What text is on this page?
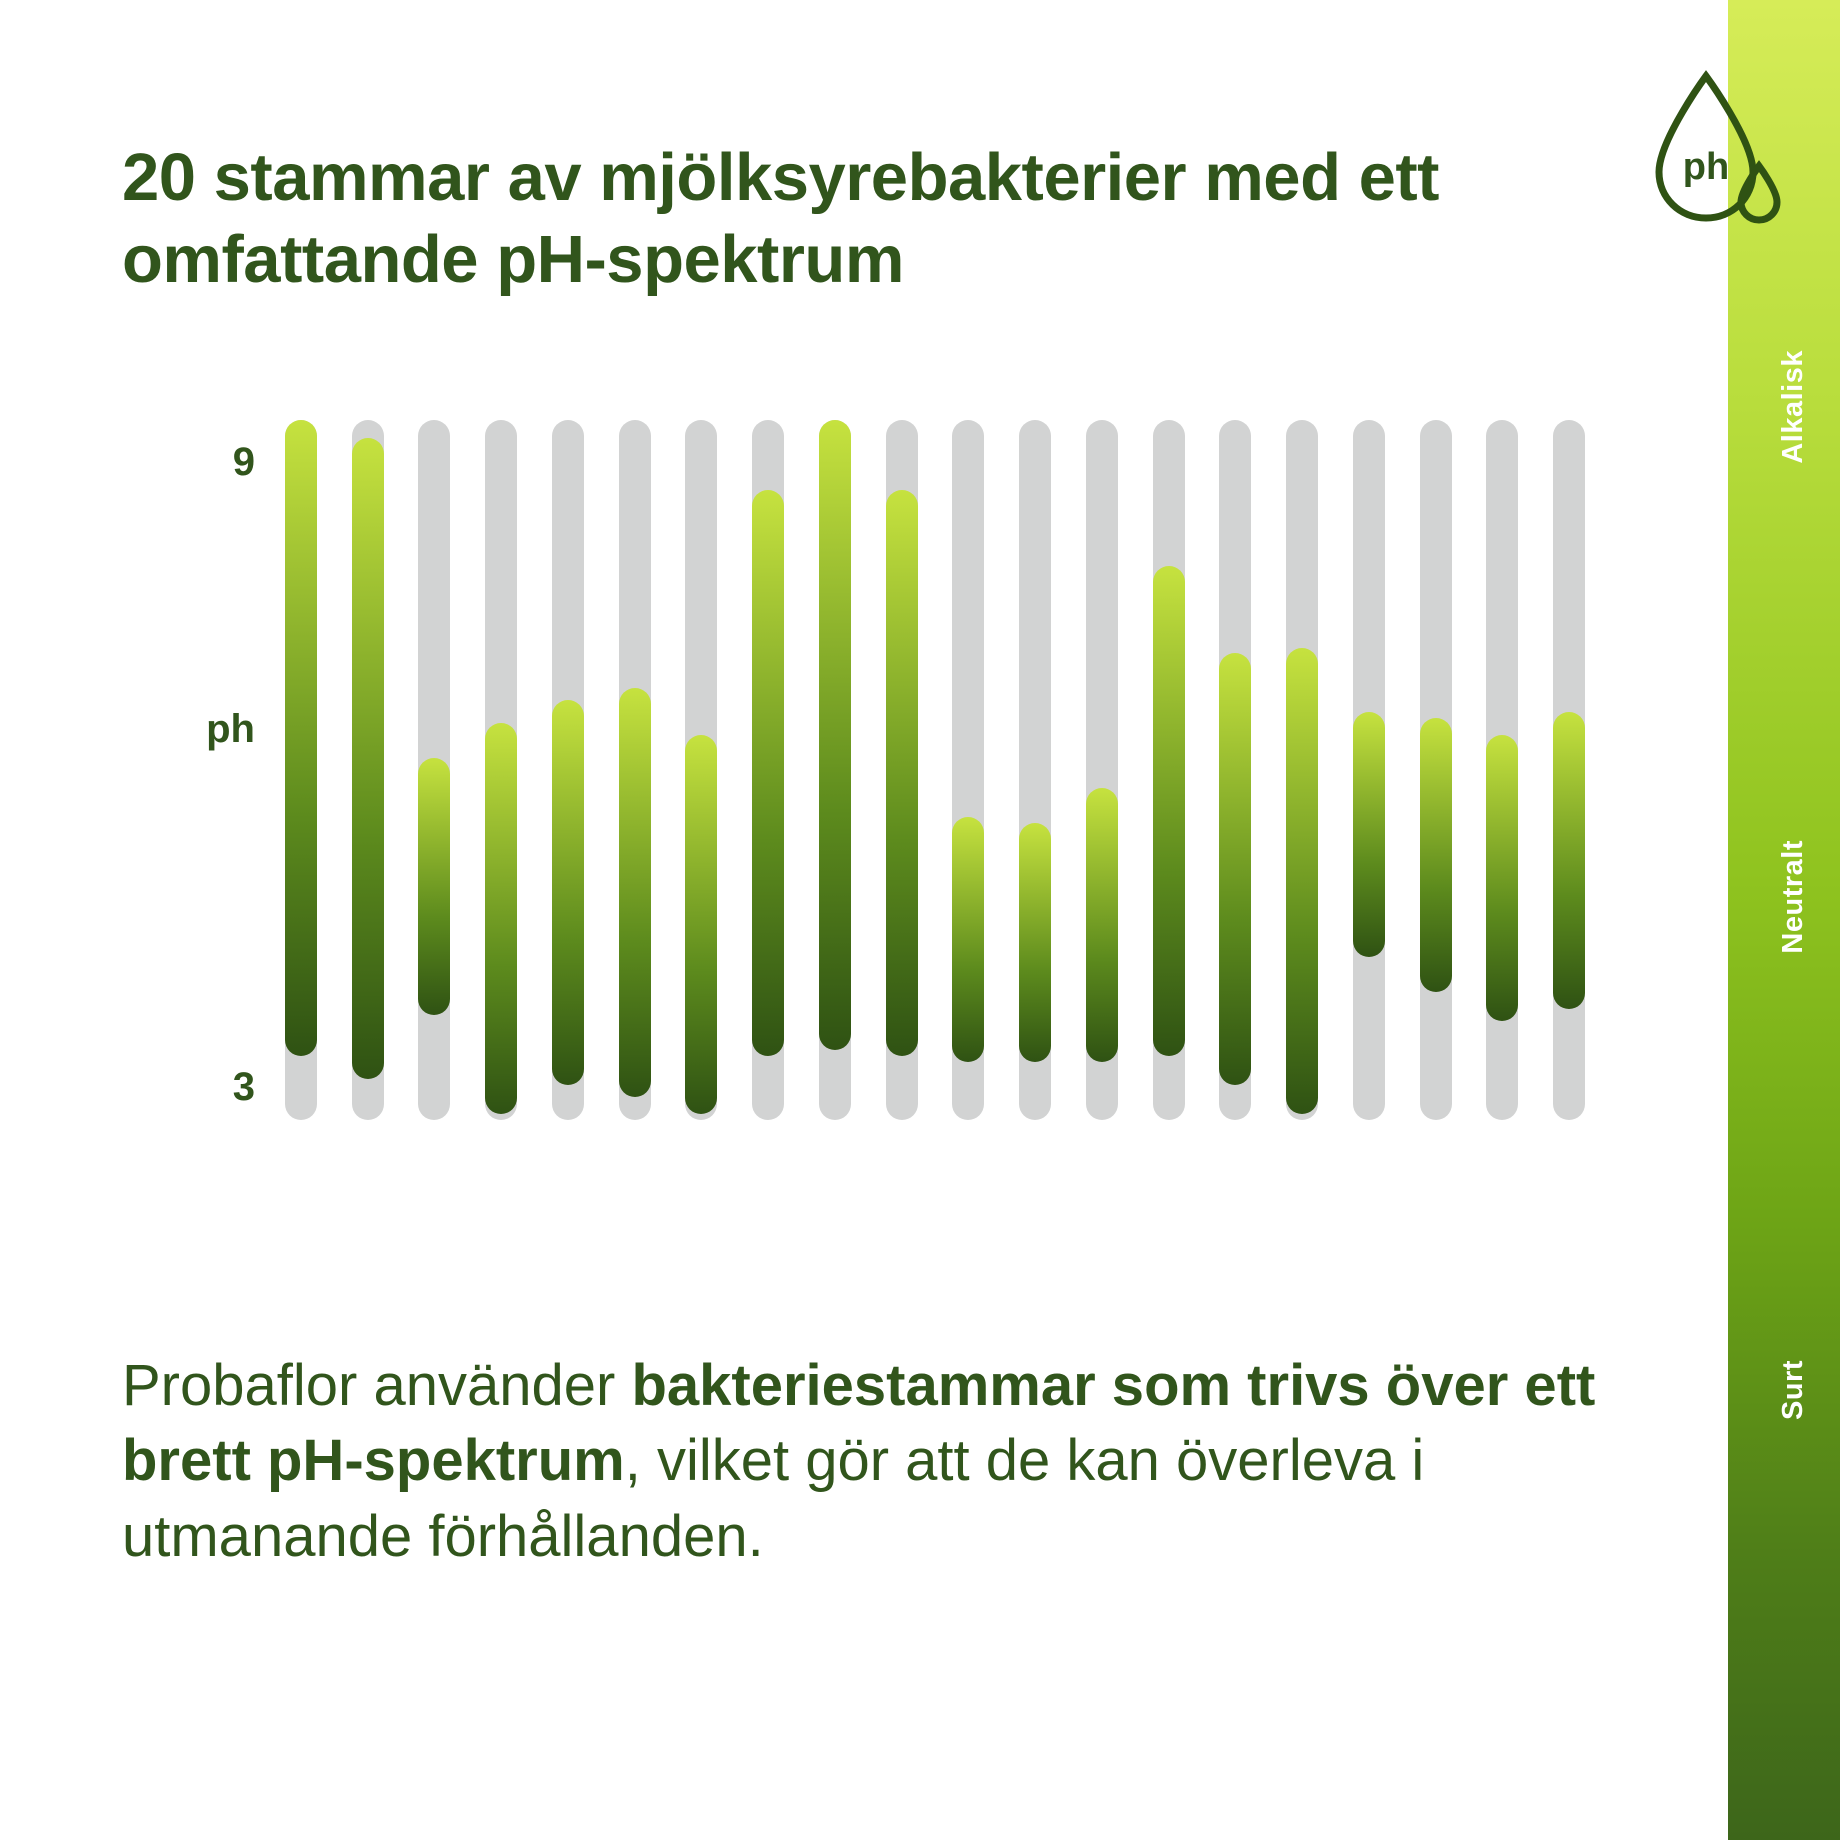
Alkalisk
Neutralt
Surt
20 stammar av mjölksyrebakterier med ett omfattande pH-spektrum
ph
9
ph
3

Probaflor använder bakteriestammar som trivs över ett brett pH-spektrum, vilket gör att de kan överleva i utmanande förhållanden.
